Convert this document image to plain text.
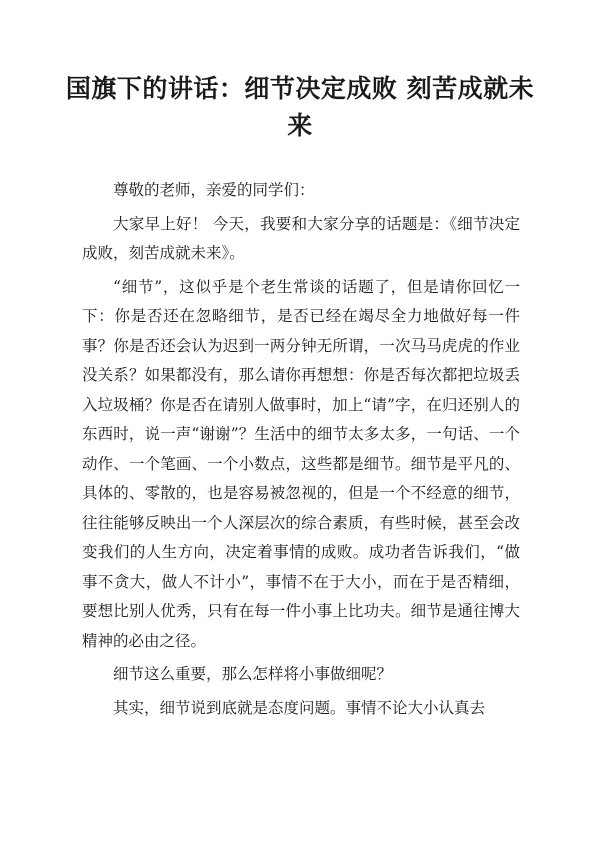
国旗下的讲话：细节决定成败 刻苦成就未来

尊敬的老师，亲爱的同学们：

大家早上好！ 今天，我要和大家分享的话题是：《细节决定成败，刻苦成就未来》。

“细节”，这似乎是个老生常谈的话题了，但是请你回忆一下：你是否还在忽略细节，是否已经在竭尽全力地做好每一件事？你是否还会认为迟到一两分钟无所谓，一次马马虎虎的作业没关系？如果都没有，那么请你再想想：你是否每次都把垃圾丢入垃圾桶？你是否在请别人做事时，加上“请”字，在归还别人的东西时，说一声“谢谢”？生活中的细节太多太多，一句话、一个动作、一个笔画、一个小数点，这些都是细节。细节是平凡的、具体的、零散的，也是容易被忽视的，但是一个不经意的细节，往往能够反映出一个人深层次的综合素质，有些时候，甚至会改变我们的人生方向，决定着事情的成败。成功者告诉我们，“做事不贪大，做人不计小”，事情不在于大小，而在于是否精细，要想比别人优秀，只有在每一件小事上比功夫。细节是通往博大精神的必由之径。

细节这么重要，那么怎样将小事做细呢？

其实，细节说到底就是态度问题。事情不论大小认真去
